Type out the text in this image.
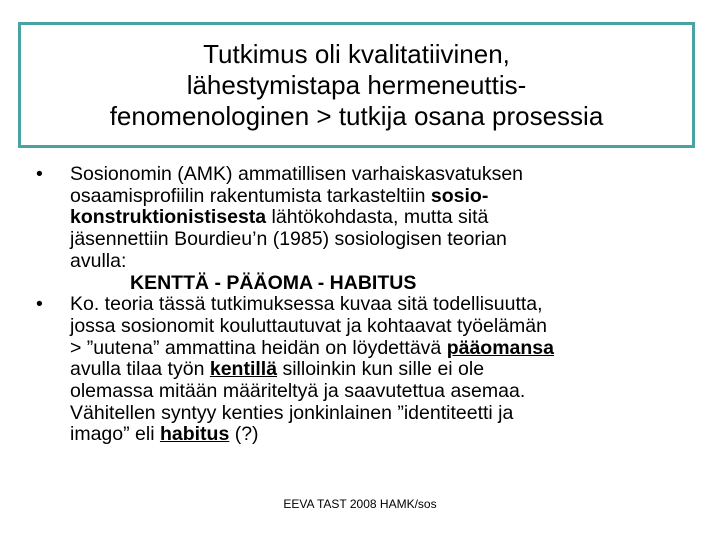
Tutkimus oli kvalitatiivinen,
lähestymistapa hermeneuttis-
fenomenologinen > tutkija osana prosessia
•	Sosionomin (AMK) ammatillisen varhaiskasvatuksen
osaamisprofiilin rakentumista tarkasteltiin sosio-
konstruktionistisesta lähtökohdasta, mutta sitä
jäsennettiin Bourdieu’n (1985) sosiologisen teorian
avulla:
KENTTÄ - PÄÄOMA - HABITUS
•	Ko. teoria tässä tutkimuksessa kuvaa sitä todellisuutta,
jossa sosionomit kouluttautuvat ja kohtaavat työelämän
> ”uutena” ammattina heidän on löydettävä pääomansa
avulla tilaa työn kentillä silloinkin kun sille ei ole
olemassa mitään määriteltyä ja saavutettua asemaa.
Vähitellen syntyy kenties jonkinlainen ”identiteetti ja
imago” eli habitus (?)
EEVA TAST 2008 HAMK/sos
